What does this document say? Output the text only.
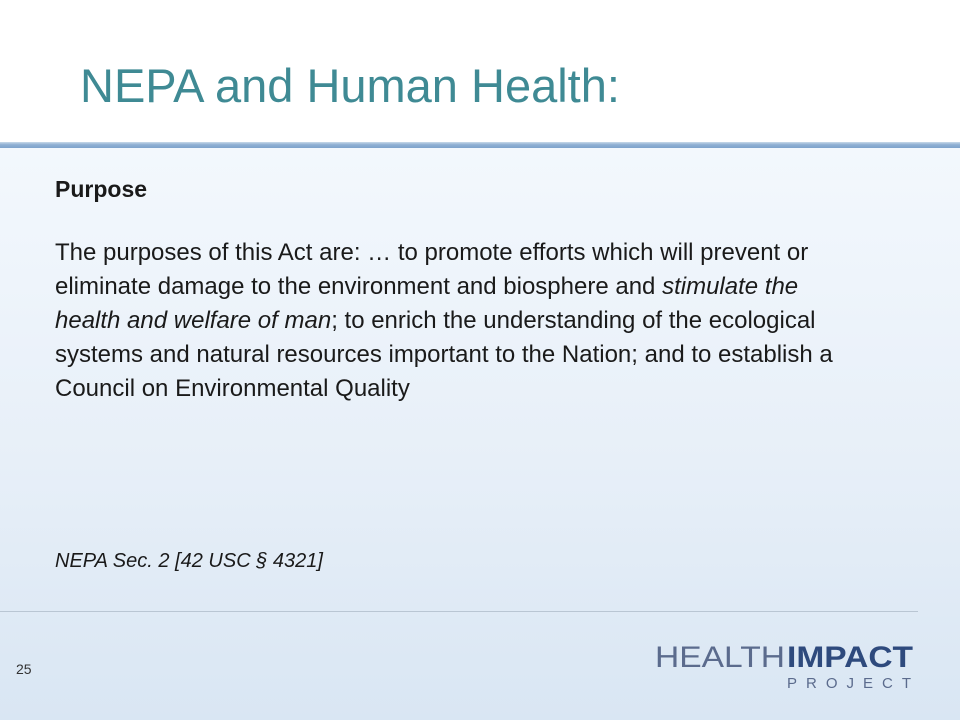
NEPA and Human Health:

Purpose

The purposes of this Act are: … to promote efforts which will prevent or eliminate damage to the environment and biosphere and stimulate the health and welfare of man; to enrich the understanding of the ecological systems and natural resources important to the Nation; and to establish a Council on Environmental Quality

NEPA Sec. 2 [42 USC § 4321]

25	HEALTH IMPACT
PROJECT
